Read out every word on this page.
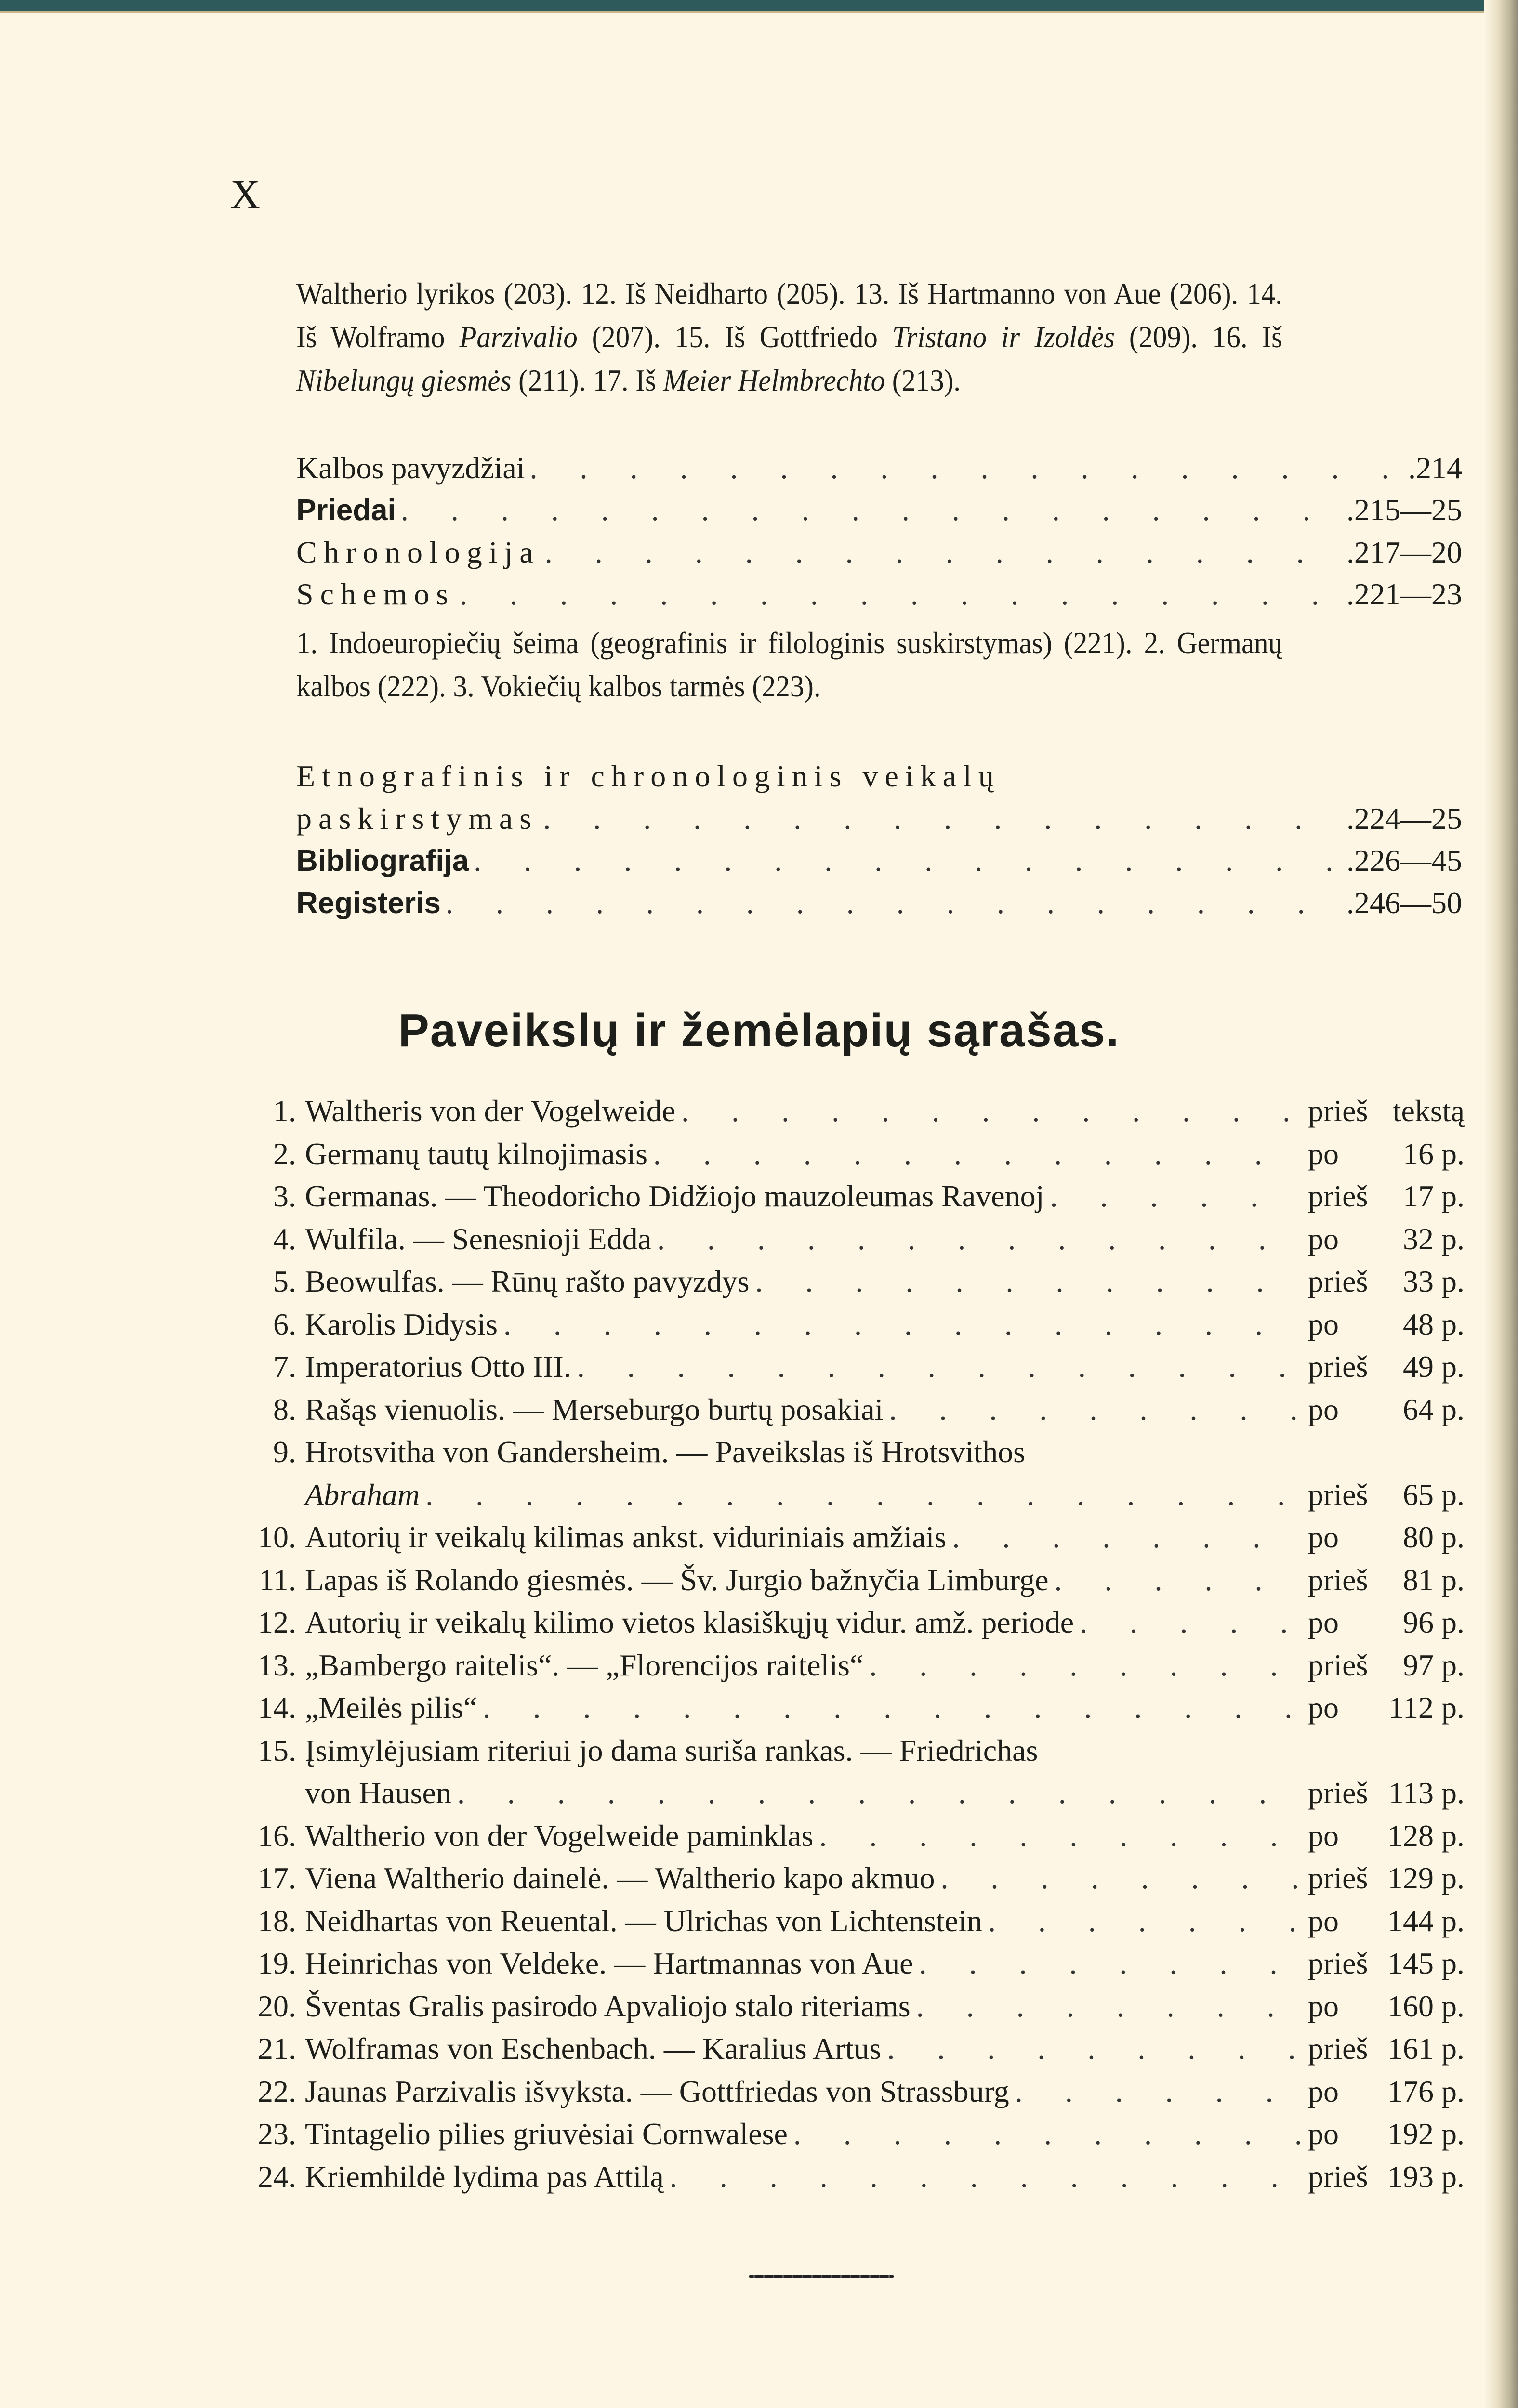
X
Waltherio lyrikos (203). 12. Iš Neidharto (205). 13. Iš Hartmanno von Aue (206). 14. Iš Wolframo Parzivalio (207). 15. Iš Gottfriedo Tristano ir Izoldės (209). 16. Iš Nibelungų giesmės (211). 17. Iš Meier Helmbrechto (213).
Kalbos pavyzdžiai . . .	.214
Priedai . . .	.215—25
Chronologija . . .	.217—20
Schemos . . .	.221—23
1. Indoeuropiečių šeima (geografinis ir filologinis suskirstymas) (221). 2. Germanų kalbos (222). 3. Vokiečių kalbos tarmės (223).
Etnografinis ir chronologinis veikalų
paskirstymas . . .	.224—25
Bibliografija . . .	.226—45
Registeris . . .	.246—50
Paveikslų ir žemėlapių sąrašas.
1. Waltheris von der Vogelweide . . .	prieš tekstą
2. Germanų tautų kilnojimasis . . .	po	16 p.
3. Germanas. — Theodoricho Didžiojo mauzoleumas Ravenoj . . .	prieš	17 p.
4. Wulfila. — Senesnioji Edda . . .	po	32 p.
5. Beowulfas. — Rūnų rašto pavyzdys . . .	prieš	33 p.
6. Karolis Didysis . . .	po	48 p.
7. Imperatorius Otto III. . . .	prieš	49 p.
8. Rašąs vienuolis. — Merseburgo burtų posakiai . . .	po	64 p.
9. Hrotsvitha von Gandersheim. — Paveikslas iš Hrotsvithos
Abraham . . .	prieš	65 p.
10. Autorių ir veikalų kilimas ankst. viduriniais amžiais . . .	po	80 p.
11. Lapas iš Rolando giesmės. — Šv. Jurgio bažnyčia Limburge . . .	prieš	81 p.
12. Autorių ir veikalų kilimo vietos klasiškųjų vidur. amž. periode . . .	po	96 p.
13. „Bambergo raitelis“. — „Florencijos raitelis“ . . .	prieš	97 p.
14. „Meilės pilis“ . . .	po	112 p.
15. Įsimylėjusiam riteriui jo dama suriša rankas. — Friedrichas
von Hausen . . .	prieš 113 p.
16. Waltherio von der Vogelweide paminklas . . .	po	128 p.
17. Viena Waltherio dainelė. — Waltherio kapo akmuo . . .	prieš 129 p.
18. Neidhartas von Reuental. — Ulrichas von Lichtenstein . . .	po	144 p.
19. Heinrichas von Veldeke. — Hartmannas von Aue . . .	prieš 145 p.
20. Šventas Gralis pasirodo Apvaliojo stalo riteriams . . .	po	160 p.
21. Wolframas von Eschenbach. — Karalius Artus . . .	prieš 161 p.
22. Jaunas Parzivalis išvyksta. — Gottfriedas von Strassburg . . .	po	176 p.
23. Tintagelio pilies griuvėsiai Cornwalese . . .	po	192 p.
24. Kriemhildė lydima pas Attilą . . .	prieš 193 p.
